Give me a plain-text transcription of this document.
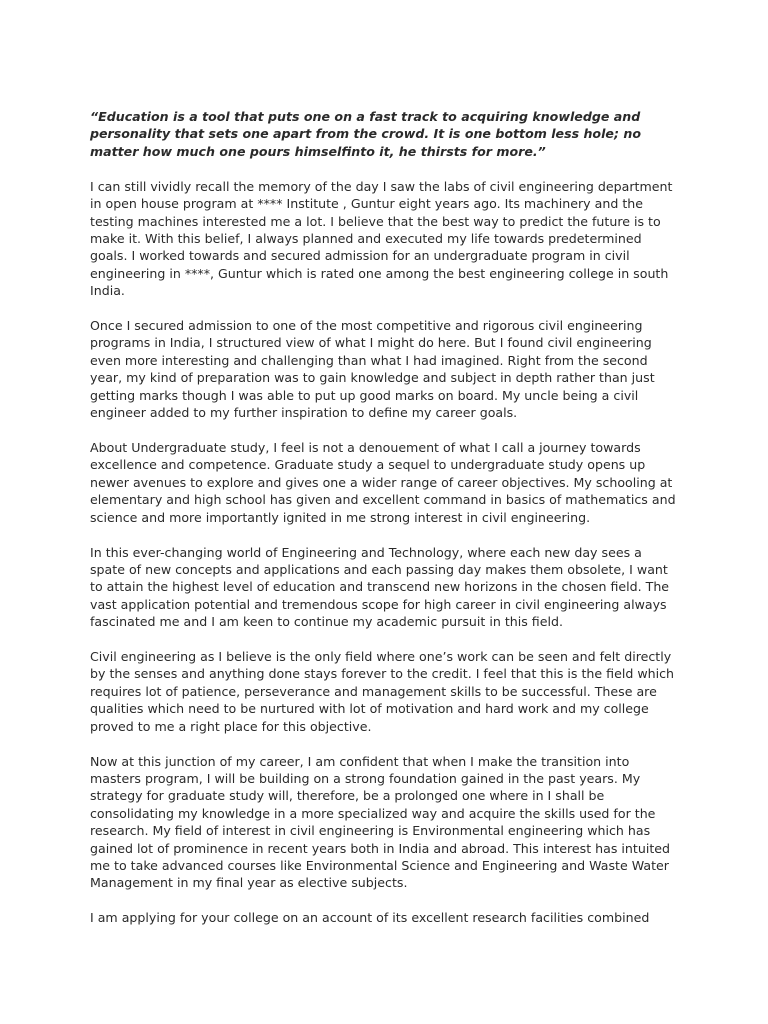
“Education is a tool that puts one on a fast track to acquiring knowledge and
personality that sets one apart from the crowd. It is one bottom less hole; no
matter how much one pours himselfinto it, he thirsts for more.”

I can still vividly recall the memory of the day I saw the labs of civil engineering department
in open house program at **** Institute , Guntur eight years ago. Its machinery and the
testing machines interested me a lot. I believe that the best way to predict the future is to
make it. With this belief, I always planned and executed my life towards predetermined
goals. I worked towards and secured admission for an undergraduate program in civil
engineering in ****, Guntur which is rated one among the best engineering college in south
India.

Once I secured admission to one of the most competitive and rigorous civil engineering
programs in India, I structured view of what I might do here. But I found civil engineering
even more interesting and challenging than what I had imagined. Right from the second
year, my kind of preparation was to gain knowledge and subject in depth rather than just
getting marks though I was able to put up good marks on board. My uncle being a civil
engineer added to my further inspiration to define my career goals.

About Undergraduate study, I feel is not a denouement of what I call a journey towards
excellence and competence. Graduate study a sequel to undergraduate study opens up
newer avenues to explore and gives one a wider range of career objectives. My schooling at
elementary and high school has given and excellent command in basics of mathematics and
science and more importantly ignited in me strong interest in civil engineering.

In this ever-changing world of Engineering and Technology, where each new day sees a
spate of new concepts and applications and each passing day makes them obsolete, I want
to attain the highest level of education and transcend new horizons in the chosen field. The
vast application potential and tremendous scope for high career in civil engineering always
fascinated me and I am keen to continue my academic pursuit in this field.

Civil engineering as I believe is the only field where one’s work can be seen and felt directly
by the senses and anything done stays forever to the credit. I feel that this is the field which
requires lot of patience, perseverance and management skills to be successful. These are
qualities which need to be nurtured with lot of motivation and hard work and my college
proved to me a right place for this objective.

Now at this junction of my career, I am confident that when I make the transition into
masters program, I will be building on a strong foundation gained in the past years. My
strategy for graduate study will, therefore, be a prolonged one where in I shall be
consolidating my knowledge in a more specialized way and acquire the skills used for the
research. My field of interest in civil engineering is Environmental engineering which has
gained lot of prominence in recent years both in India and abroad. This interest has intuited
me to take advanced courses like Environmental Science and Engineering and Waste Water
Management in my final year as elective subjects.

I am applying for your college on an account of its excellent research facilities combined
